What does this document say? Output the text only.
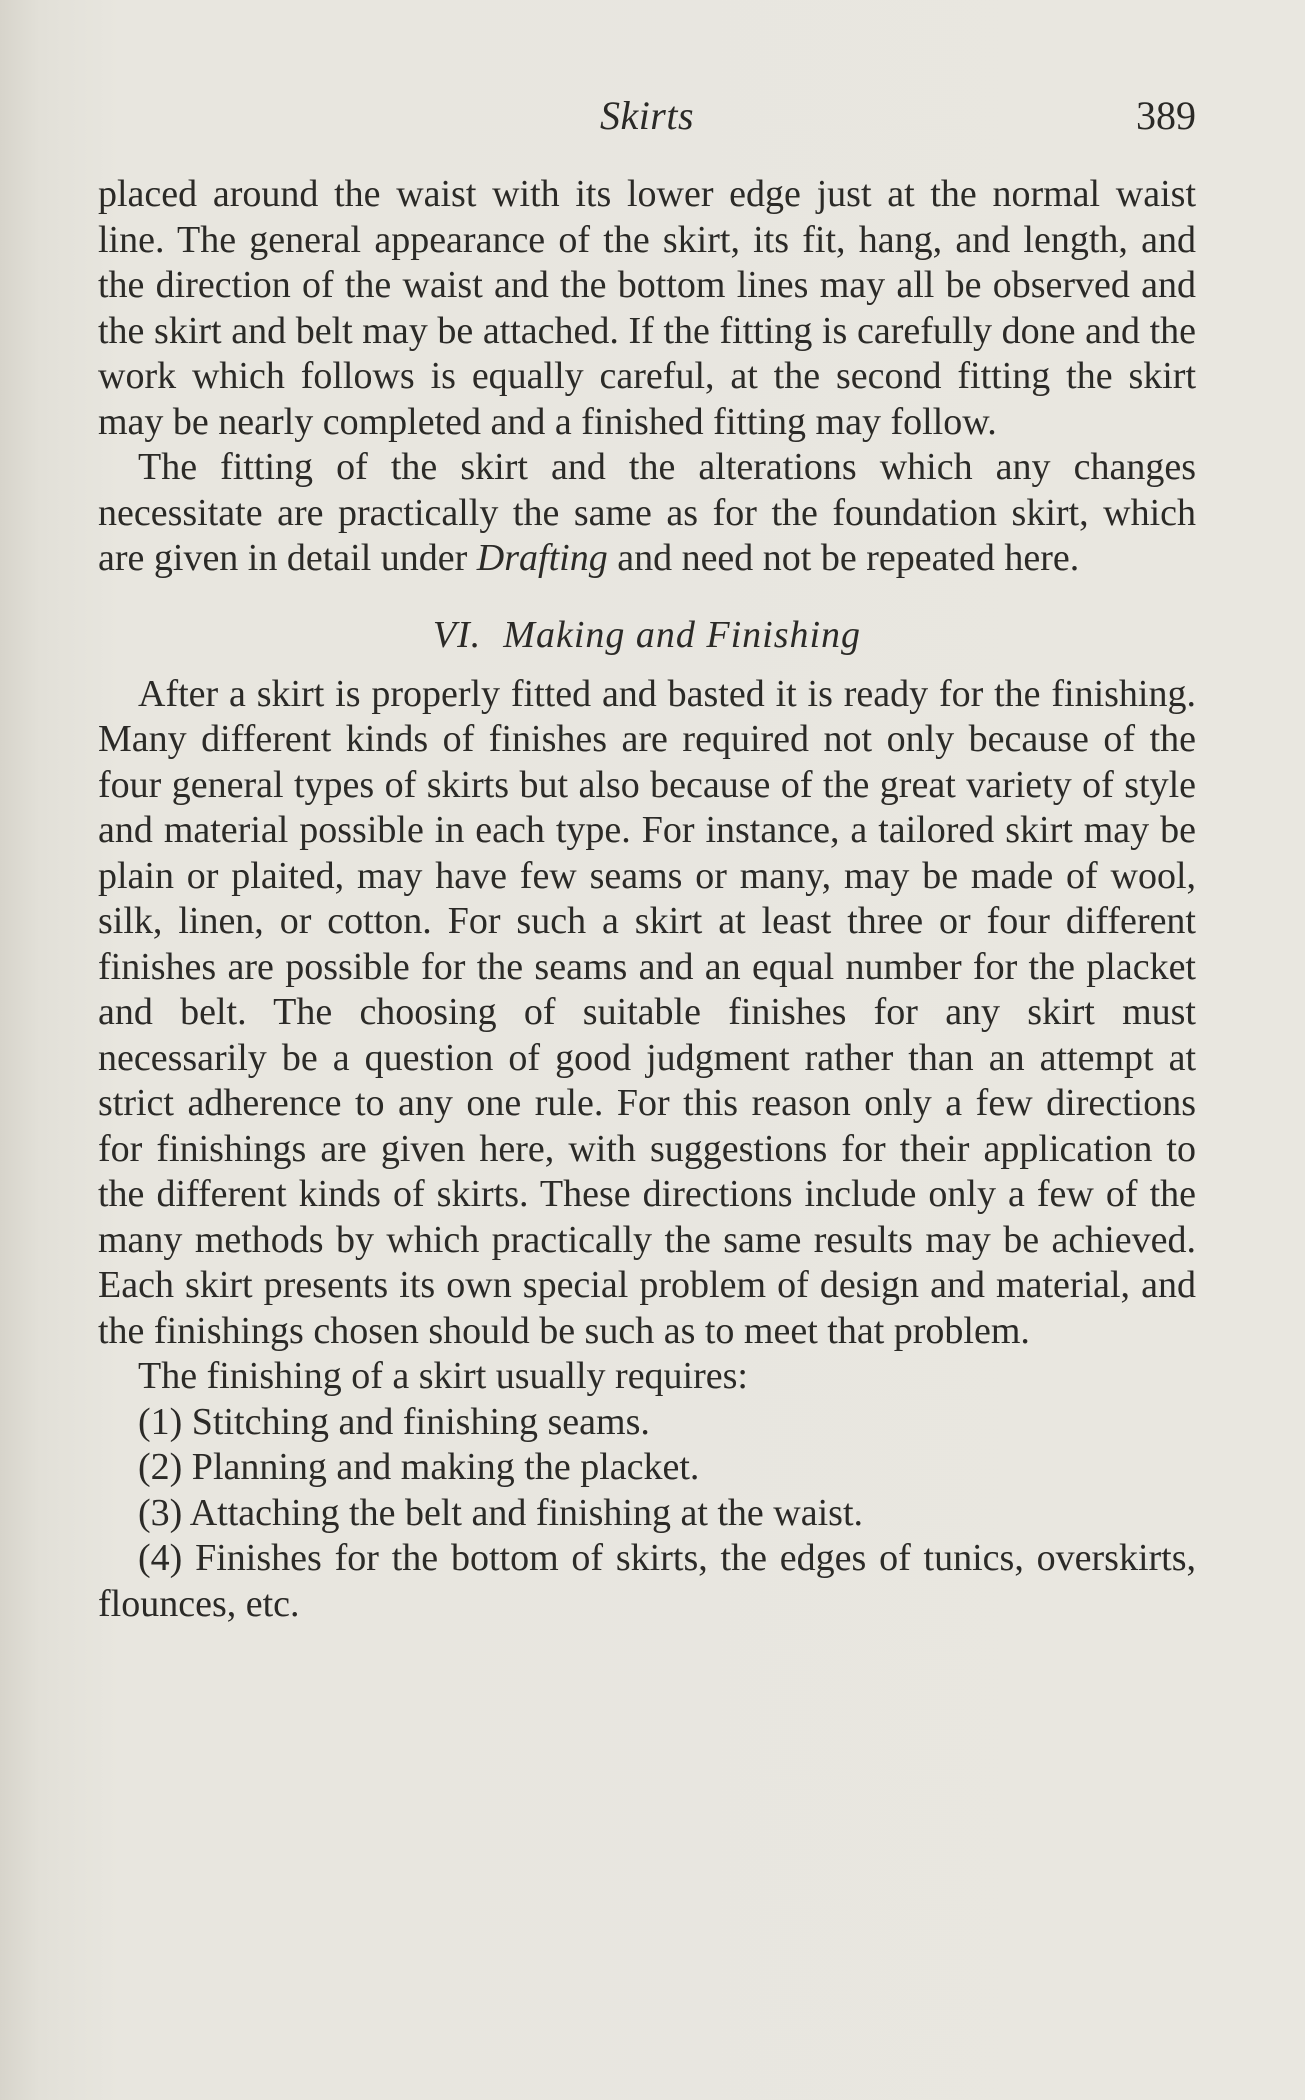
Skirts	389

placed around the waist with its lower edge just at the normal waist line. The general appearance of the skirt, its fit, hang, and length, and the direction of the waist and the bottom lines may all be observed and the skirt and belt may be attached. If the fitting is carefully done and the work which follows is equally careful, at the second fitting the skirt may be nearly completed and a finished fitting may follow.

The fitting of the skirt and the alterations which any changes necessitate are practically the same as for the foundation skirt, which are given in detail under Drafting and need not be repeated here.

VI. Making and Finishing

After a skirt is properly fitted and basted it is ready for the finishing. Many different kinds of finishes are required not only because of the four general types of skirts but also because of the great variety of style and material possible in each type. For instance, a tailored skirt may be plain or plaited, may have few seams or many, may be made of wool, silk, linen, or cotton. For such a skirt at least three or four different finishes are possible for the seams and an equal number for the placket and belt. The choosing of suitable finishes for any skirt must necessarily be a question of good judgment rather than an attempt at strict adherence to any one rule. For this reason only a few directions for finishings are given here, with suggestions for their application to the different kinds of skirts. These directions include only a few of the many methods by which practically the same results may be achieved. Each skirt presents its own special problem of design and material, and the finishings chosen should be such as to meet that problem.

The finishing of a skirt usually requires:

(1) Stitching and finishing seams.
(2) Planning and making the placket.
(3) Attaching the belt and finishing at the waist.
(4) Finishes for the bottom of skirts, the edges of tunics, overskirts, flounces, etc.
